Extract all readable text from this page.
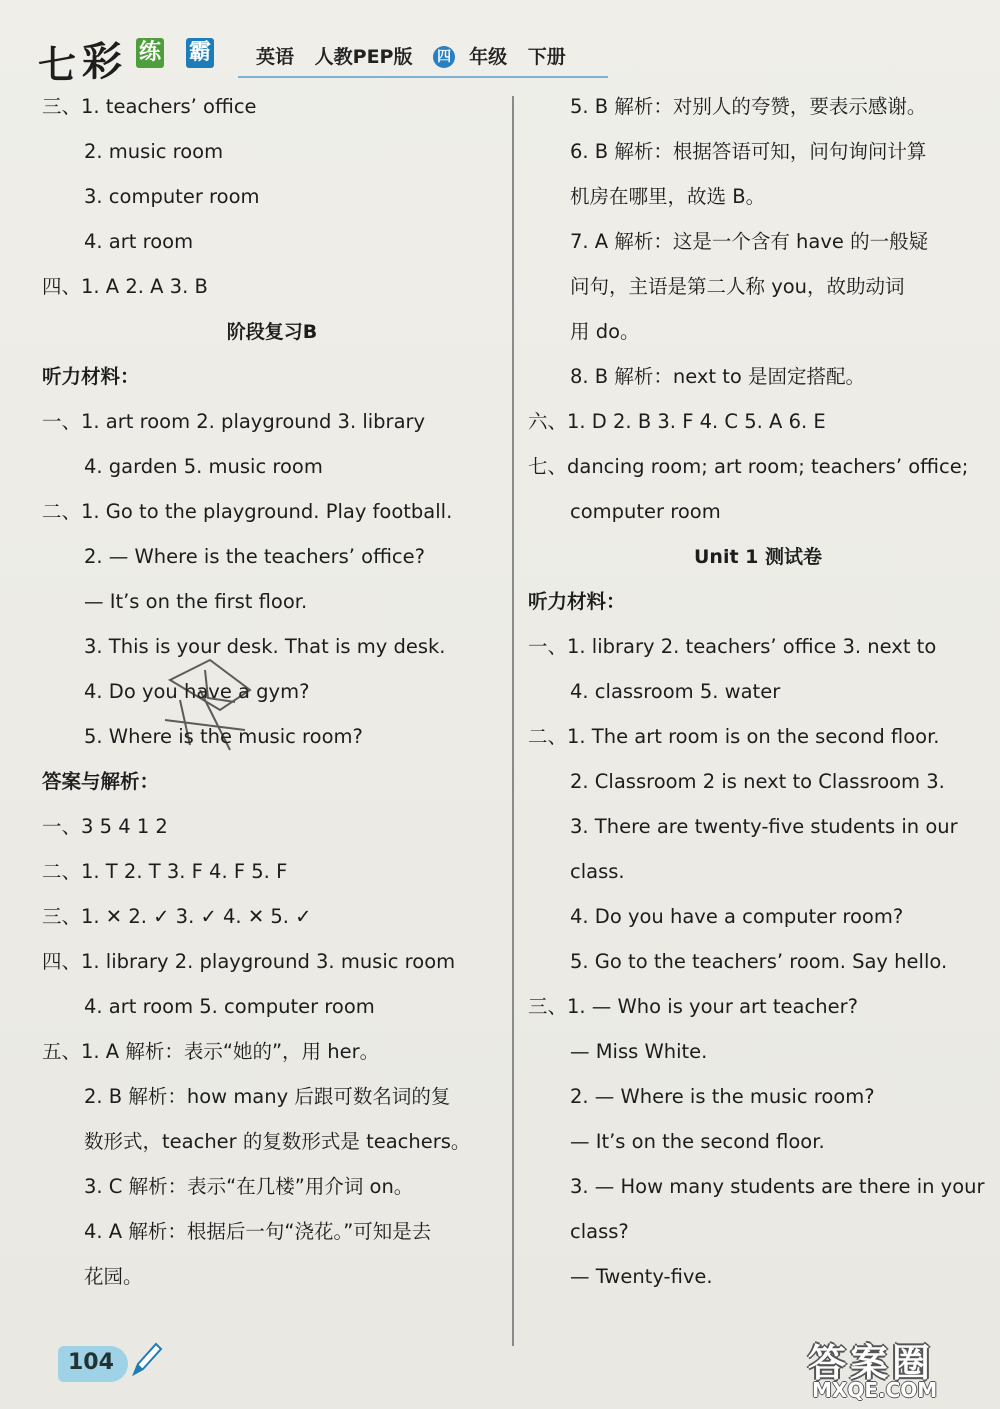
七 彩 练 霸 英语 人教PEP版 四 年级 下册
三、1. teachers’ office
2. music room
3. computer room
4. art room
四、1. A 2. A 3. B
阶段复习B
听力材料：
一、1. art room 2. playground 3. library
4. garden 5. music room
二、1. Go to the playground. Play football.
2. — Where is the teachers’ office?
— It’s on the first floor.
3. This is your desk. That is my desk.
4. Do you have a gym?
5. Where is the music room?
答案与解析：
一、3 5 4 1 2
二、1. T 2. T 3. F 4. F 5. F
三、1. ✕ 2. ✓ 3. ✓ 4. ✕ 5. ✓
四、1. library 2. playground 3. music room
4. art room 5. computer room
五、1. A 解析：表示“她的”，用 her。
2. B 解析：how many 后跟可数名词的复
数形式，teacher 的复数形式是 teachers。
3. C 解析：表示“在几楼”用介词 on。
4. A 解析：根据后一句“浇花。”可知是去
花园。
5. B 解析：对别人的夸赞，要表示感谢。
6. B 解析：根据答语可知，问句询问计算
机房在哪里，故选 B。
7. A 解析：这是一个含有 have 的一般疑
问句，主语是第二人称 you，故助动词
用 do。
8. B 解析：next to 是固定搭配。
六、1. D 2. B 3. F 4. C 5. A 6. E
七、dancing room; art room; teachers’ office;
computer room
Unit 1 测试卷
听力材料：
一、1. library 2. teachers’ office 3. next to
4. classroom 5. water
二、1. The art room is on the second floor.
2. Classroom 2 is next to Classroom 3.
3. There are twenty-five students in our
class.
4. Do you have a computer room?
5. Go to the teachers’ room. Say hello.
三、1. — Who is your art teacher?
— Miss White.
2. — Where is the music room?
— It’s on the second floor.
3. — How many students are there in your
class?
— Twenty-five.
104	答案圈
MXQE.COM
